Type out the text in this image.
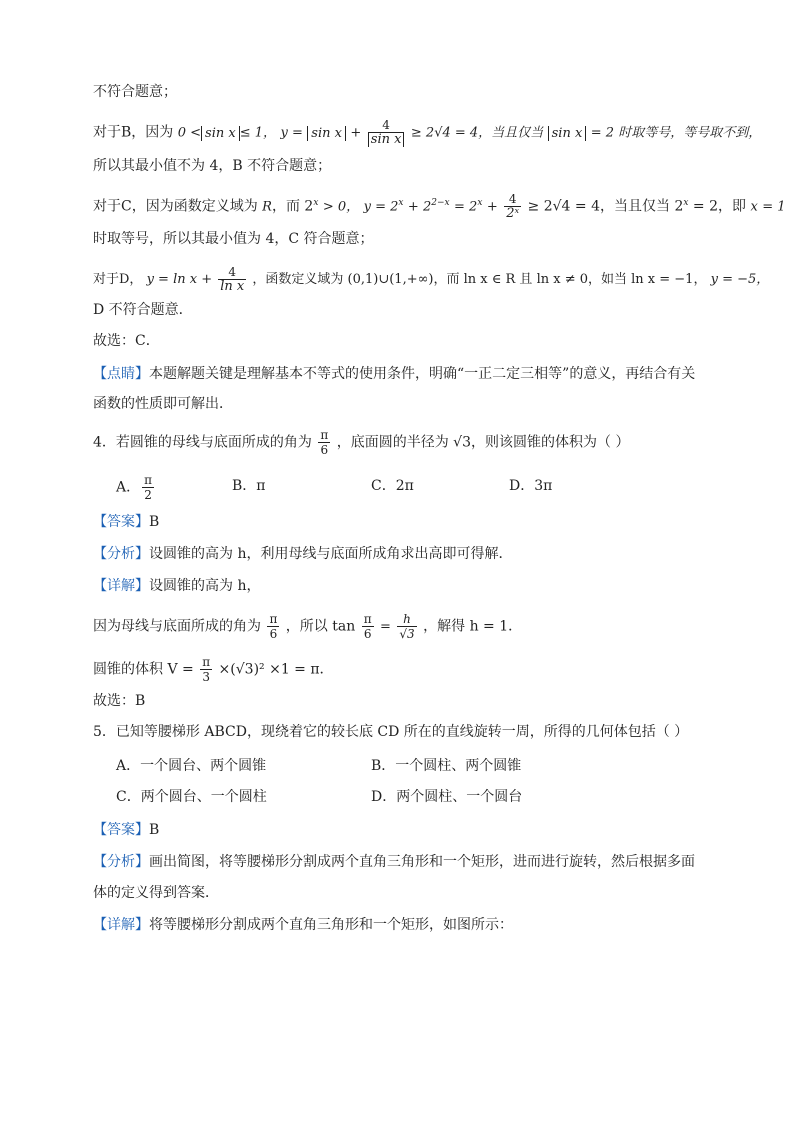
不符合题意；
对于B，因为 0 < sin x ≤ 1， $y = \sin x + \frac{4}{\text{sin x}} \ge 2√4 = 4$，当且仅当 sin x = 2 时取等号，等号取不到，
所以其最小值不为 4，B 不符合题意；
对于C，因为函数定义域为 R，而 $2^x > 0$， $y = 2^x + 2^{2-x} = 2^x + \frac{4}{\text{2ˣ}} \ge 2√4 = 4$，当且仅当 $2^x = 2$，即 x = 1
时取等号，所以其最小值为 4，C 符合题意；
对于D， $y = \ln x + \frac{4}{\text{ln x}}$ ，函数定义域为 (0,1)∪(1,+∞)，而 ln x ∈ R 且 ln x ≠ 0，如当 ln x = −1， y = −5，
D 不符合题意．
故选：C．
【点睛】本题解题关键是理解基本不等式的使用条件，明确“一正二定三相等”的意义，再结合有关
函数的性质即可解出．
4．若圆锥的母线与底面所成的角为 $\frac{\pi}{6}$ ，底面圆的半径为 √3，则该圆锥的体积为（ ）
A． $\frac{\pi}{2}$	B．π	C．2π	D．3π
【答案】B
【分析】设圆锥的高为 h，利用母线与底面所成角求出高即可得解．
【详解】设圆锥的高为 h，
因为母线与底面所成的角为 $\frac{\pi}{6}$ ，所以 $\tan \frac{\pi}{6} = \frac{h}{√3}$ ，解得 h = 1．
圆锥的体积 $V = \frac{\pi}{3} \times(√3)^2 \times 1 = \pi$．
故选：B
5．已知等腰梯形 ABCD，现绕着它的较长底 CD 所在的直线旋转一周，所得的几何体包括（ ）
A．一个圆台、两个圆锥	B．一个圆柱、两个圆锥
C．两个圆台、一个圆柱	D．两个圆柱、一个圆台
【答案】B
【分析】画出简图，将等腰梯形分割成两个直角三角形和一个矩形，进而进行旋转，然后根据多面
体的定义得到答案．
【详解】将等腰梯形分割成两个直角三角形和一个矩形，如图所示：
